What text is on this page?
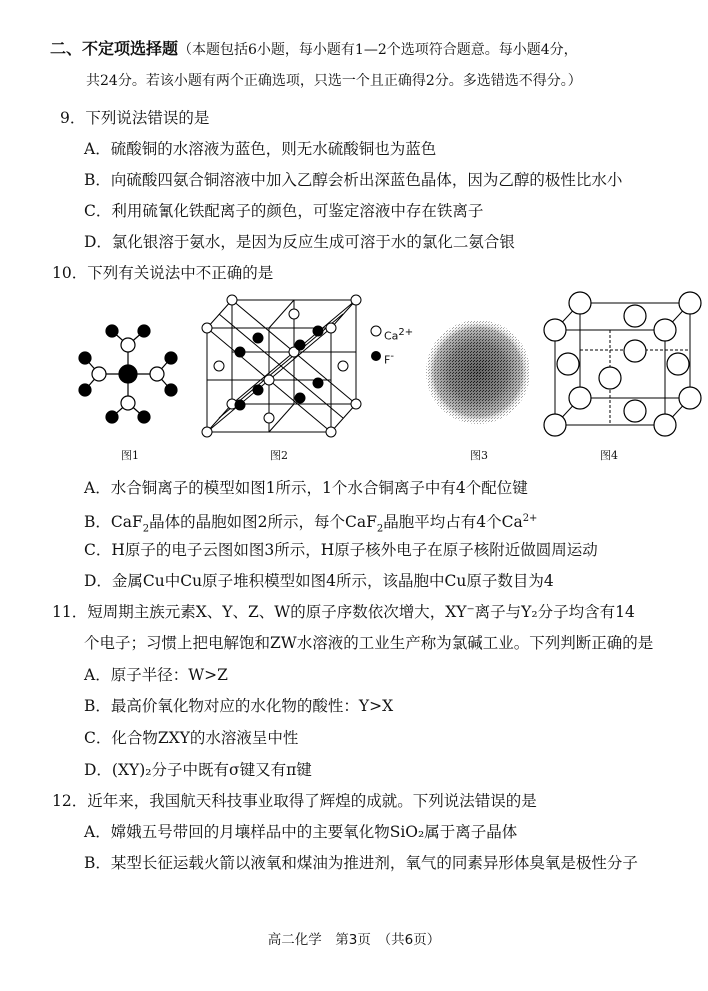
二、不定项选择题（本题包括6小题，每小题有1—2个选项符合题意。每小题4分，
共24分。若该小题有两个正确选项，只选一个且正确得2分。多选错选不得分。）
9．下列说法错误的是
A．硫酸铜的水溶液为蓝色，则无水硫酸铜也为蓝色
B．向硫酸四氨合铜溶液中加入乙醇会析出深蓝色晶体，因为乙醇的极性比水小
C．利用硫氰化铁配离子的颜色，可鉴定溶液中存在铁离子
D．氯化银溶于氨水，是因为反应生成可溶于水的氯化二氨合银
10．下列有关说法中不正确的是
$Ca^{2+}$
F-
图1	图2	图3	图4
A．水合铜离子的模型如图1所示，1个水合铜离子中有4个配位键
B．CaF$_2$晶体的晶胞如图2所示，每个CaF$_2$晶胞平均占有4个$Ca^{2+}$
C．H原子的电子云图如图3所示，H原子核外电子在原子核附近做圆周运动
D．金属Cu中Cu原子堆积模型如图4所示，该晶胞中Cu原子数目为4
11．短周期主族元素X、Y、Z、W的原子序数依次增大，XY⁻离子与Y₂分子均含有14
个电子；习惯上把电解饱和ZW水溶液的工业生产称为氯碱工业。下列判断正确的是
A．原子半径：W>Z
B．最高价氧化物对应的水化物的酸性：Y>X
C．化合物ZXY的水溶液呈中性
D．(XY)₂分子中既有σ键又有π键
12．近年来，我国航天科技事业取得了辉煌的成就。下列说法错误的是
A．嫦娥五号带回的月壤样品中的主要氧化物SiO₂属于离子晶体
B．某型长征运载火箭以液氧和煤油为推进剂，氧气的同素异形体臭氧是极性分子
高二化学　第3页　（共6页）
